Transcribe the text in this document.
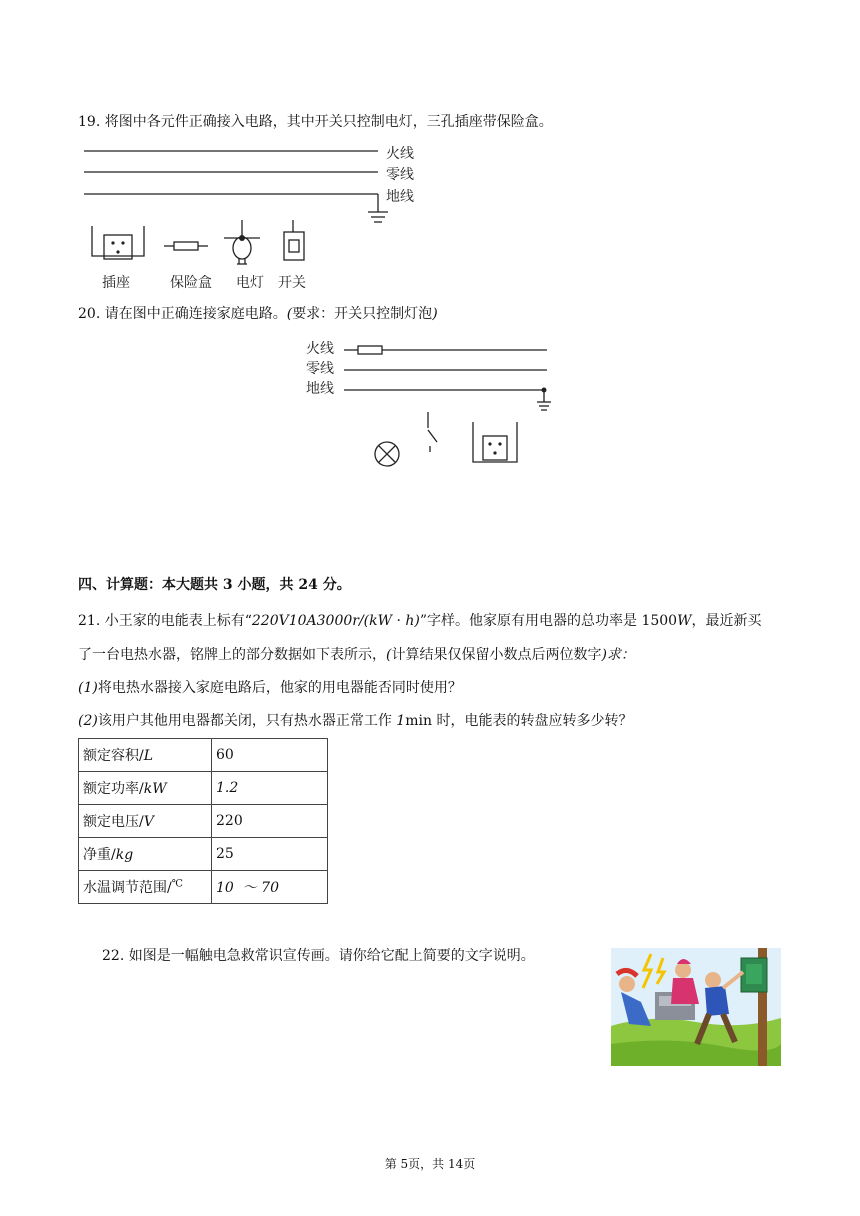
19. 将图中各元件正确接入电路，其中开关只控制电灯，三孔插座带保险盒。
火线
零线
地线
插座	保险盒 电灯 开关
20. 请在图中正确连接家庭电路。(要求：开关只控制灯泡)
火线
零线
地线
四、计算题：本大题共 3 小题，共 24 分。
21. 小王家的电能表上标有“220V10A3000r/(kW · h)”字样。他家原有用电器的总功率是 1500W，最近新买
了一台电热水器，铭牌上的部分数据如下表所示，(计算结果仅保留小数点后两位数字)求：
(1)将电热水器接入家庭电路后，他家的用电器能否同时使用？
(2)该用户其他用电器都关闭，只有热水器正常工作 1min 时，电能表的转盘应转多少转？
额定容积/L	60
额定功率/kW	1.2
额定电压/V	220
净重/kg	25
水温调节范围/℃	10  ～ 70
22. 如图是一幅触电急救常识宣传画。请你给它配上简要的文字说明。
第 5页，共 14页
